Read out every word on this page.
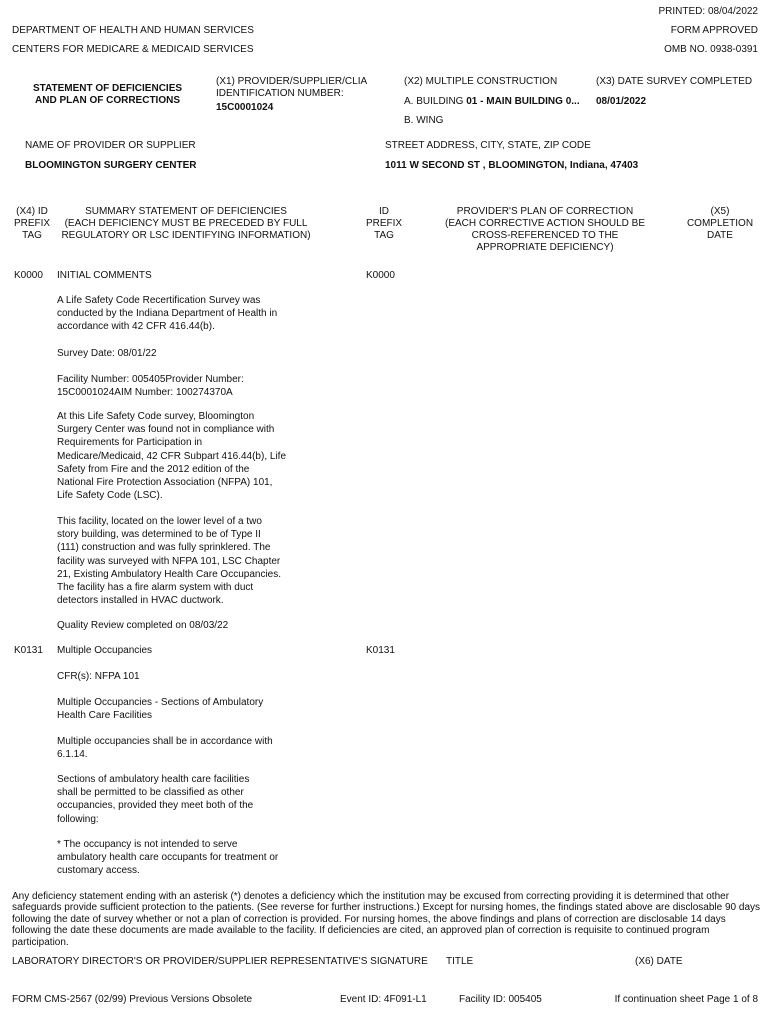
PRINTED: 08/04/2022
DEPARTMENT OF HEALTH AND HUMAN SERVICES	FORM APPROVED
CENTERS FOR MEDICARE & MEDICAID SERVICES	OMB NO. 0938-0391
STATEMENT OF DEFICIENCIES
AND PLAN OF CORRECTIONS
(X1) PROVIDER/SUPPLIER/CLIA
IDENTIFICATION NUMBER:
15C0001024
(X2) MULTIPLE CONSTRUCTION
A. BUILDING 01 - MAIN BUILDING 0...
B. WING
(X3) DATE SURVEY COMPLETED
08/01/2022
NAME OF PROVIDER OR SUPPLIER
BLOOMINGTON SURGERY CENTER
STREET ADDRESS, CITY, STATE, ZIP CODE
1011 W SECOND ST , BLOOMINGTON, Indiana, 47403
(X4) ID
PREFIX
TAG
SUMMARY STATEMENT OF DEFICIENCIES
(EACH DEFICIENCY MUST BE PRECEDED BY FULL
REGULATORY OR LSC IDENTIFYING INFORMATION)
ID
PREFIX
TAG
PROVIDER'S PLAN OF CORRECTION
(EACH CORRECTIVE ACTION SHOULD BE
CROSS-REFERENCED TO THE
APPROPRIATE DEFICIENCY)
(X5)
COMPLETION
DATE
K0000 INITIAL COMMENTS	K0000
A Life Safety Code Recertification Survey was
conducted by the Indiana Department of Health in
accordance with 42 CFR 416.44(b).
Survey Date: 08/01/22
Facility Number: 005405Provider Number:
15C0001024AIM Number: 100274370A
At this Life Safety Code survey, Bloomington
Surgery Center was found not in compliance with
Requirements for Participation in
Medicare/Medicaid, 42 CFR Subpart 416.44(b), Life
Safety from Fire and the 2012 edition of the
National Fire Protection Association (NFPA) 101,
Life Safety Code (LSC).
This facility, located on the lower level of a two
story building, was determined to be of Type II
(111) construction and was fully sprinklered. The
facility was surveyed with NFPA 101, LSC Chapter
21, Existing Ambulatory Health Care Occupancies.
The facility has a fire alarm system with duct
detectors installed in HVAC ductwork.
Quality Review completed on 08/03/22
K0131 Multiple Occupancies	K0131
CFR(s): NFPA 101
Multiple Occupancies - Sections of Ambulatory
Health Care Facilities
Multiple occupancies shall be in accordance with
6.1.14.
Sections of ambulatory health care facilities
shall be permitted to be classified as other
occupancies, provided they meet both of the
following:
* The occupancy is not intended to serve
ambulatory health care occupants for treatment or
customary access.
Any deficiency statement ending with an asterisk (*) denotes a deficiency which the institution may be excused from correcting providing it is determined that other safeguards provide sufficient protection to the patients. (See reverse for further instructions.) Except for nursing homes, the findings stated above are disclosable 90 days following the date of survey whether or not a plan of correction is provided. For nursing homes, the above findings and plans of correction are disclosable 14 days following the date these documents are made available to the facility. If deficiencies are cited, an approved plan of correction is requisite to continued program participation.
LABORATORY DIRECTOR'S OR PROVIDER/SUPPLIER REPRESENTATIVE'S SIGNATURE TITLE	(X6) DATE
FORM CMS-2567 (02/99) Previous Versions Obsolete	Event ID: 4F091-L1	Facility ID: 005405	If continuation sheet Page 1 of 8
